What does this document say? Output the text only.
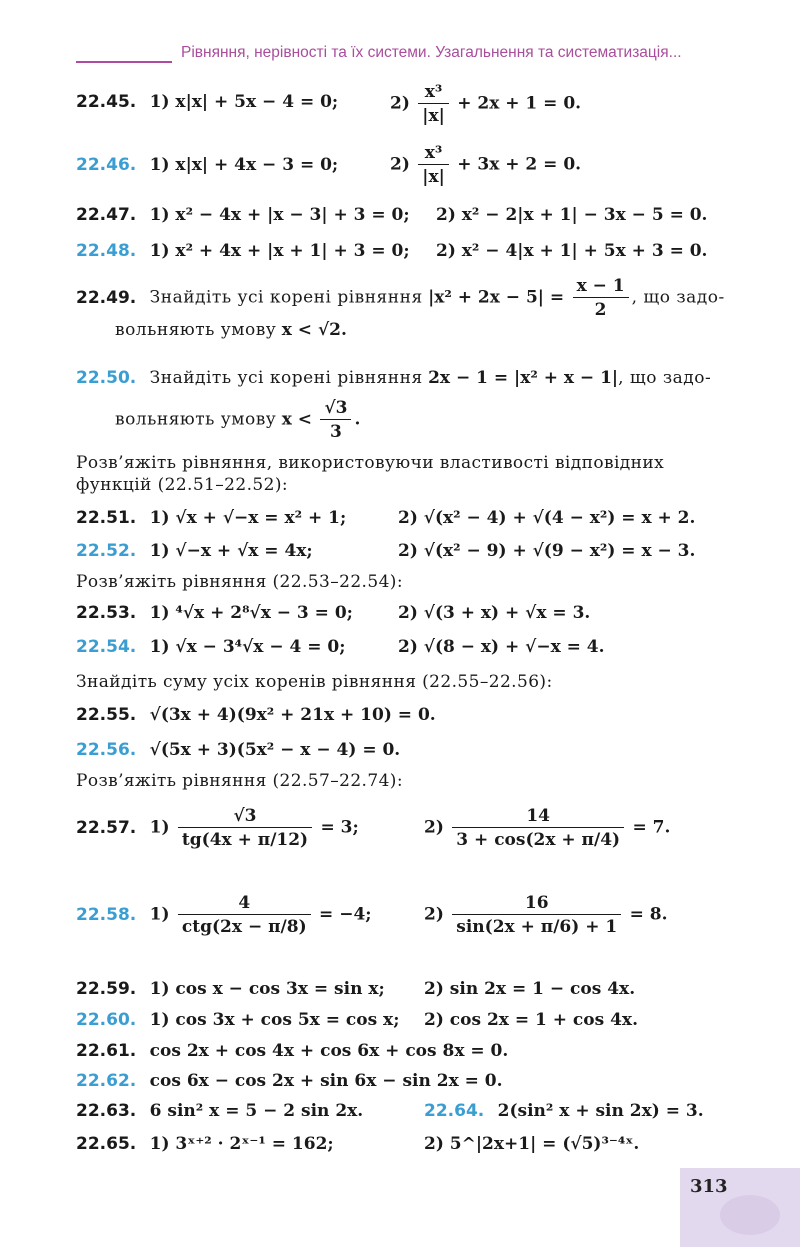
Рівняння, нерівності та їх системи. Узагальнення та систематизація...
22.45. 1) x|x| + 5x − 4 = 0;	$2) \frac{\text{x³}}{|x|} + 2x + 1 = 0$.
22.46. 1) x|x| + 4x − 3 = 0;	$2) \frac{\text{x³}}{|x|} + 3x + 2 = 0$.
22.47. 1) x² − 4x + |x − 3| + 3 = 0; 2) x² − 2|x + 1| − 3x − 5 = 0.
22.48. 1) x² + 4x + |x + 1| + 3 = 0; 2) x² − 4|x + 1| + 5x + 3 = 0.
22.49. Знайдіть усі корені рівняння $|x^2 + 2x - 5| = \frac{x - 1}{2}$ , що задо-
вольняють умову x < √2.
22.50. Знайдіть усі корені рівняння 2x − 1 = |x² + x − 1|, що задо-
вольняють умову $x < \frac{√3}{3}$ .
Розв’яжіть рівняння, використовуючи властивості відповідних
функцій (22.51–22.52):
22.51. 1) √x + √−x = x² + 1;	2) √(x² − 4) + √(4 − x²) = x + 2.
22.52. 1) √−x + √x = 4x;	2) √(x² − 9) + √(9 − x²) = x − 3.
Розв’яжіть рівняння (22.53–22.54):
22.53. 1) ⁴√x + 2⁸√x − 3 = 0;	2) √(3 + x) + √x = 3.
22.54. 1) √x − 3⁴√x − 4 = 0;	2) √(8 − x) + √−x = 4.
Знайдіть суму усіх коренів рівняння (22.55–22.56):
22.55. √(3x + 4)(9x² + 21x + 10) = 0.
22.56. √(5x + 3)(5x² − x − 4) = 0.
Розв’яжіть рівняння (22.57–22.74):
22.57. $1) \frac{√3}{tg(4x + \pi/12)} = 3$;	$2) \frac{14}{3 + \cos(2x + \pi/4)} = 7$.
22.58. $1) \frac{4}{\text{ctg(2x − π/8)}} = -4$;	$2) \frac{16}{\sin(2x + \pi/6) + 1} = 8$.
22.59. 1) cos x − cos 3x = sin x; 2) sin 2x = 1 − cos 4x.
22.60. 1) cos 3x + cos 5x = cos x; 2) cos 2x = 1 + cos 4x.
22.61. cos 2x + cos 4x + cos 6x + cos 8x = 0.
22.62. cos 6x − cos 2x + sin 6x − sin 2x = 0.
22.63. 6 sin² x = 5 − 2 sin 2x.	22.64. 2(sin² x + sin 2x) = 3.
22.65. 1) 3ˣ⁺² · 2ˣ⁻¹ = 162;	2) 5^|2x+1| = (√5)³⁻⁴ˣ.
313
